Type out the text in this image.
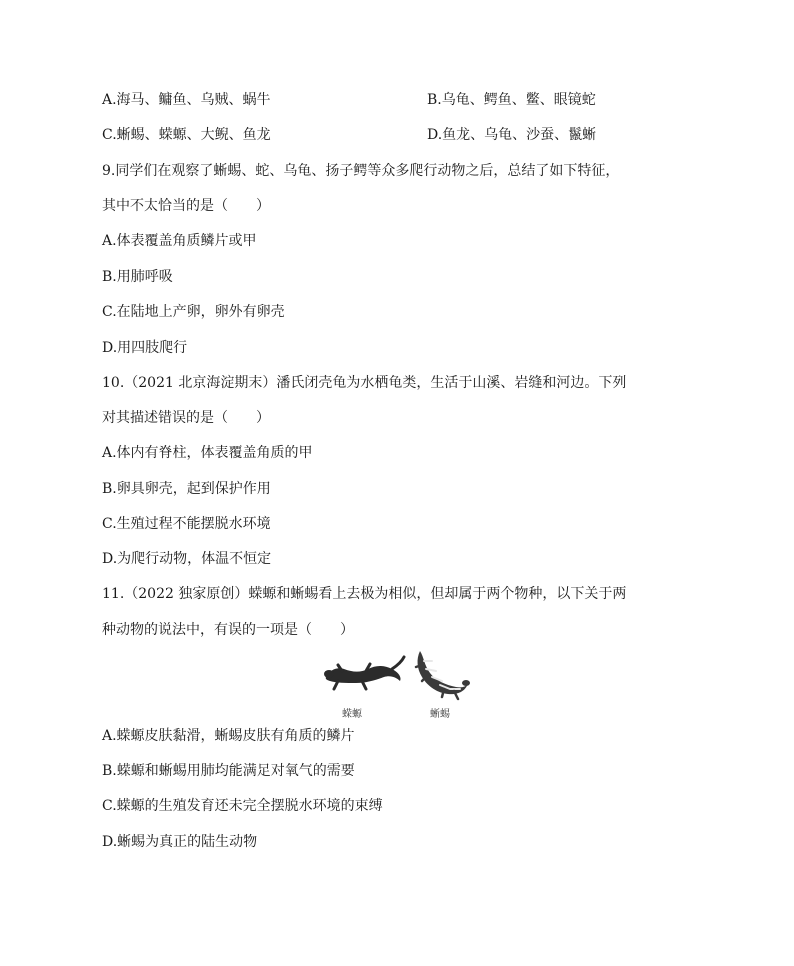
A.海马、鳙鱼、乌贼、蜗牛	B.乌龟、鳄鱼、鳖、眼镜蛇
C.蜥蜴、蝾螈、大鲵、鱼龙	D.鱼龙、乌龟、沙蚕、鬣蜥
9.同学们在观察了蜥蜴、蛇、乌龟、扬子鳄等众多爬行动物之后，总结了如下特征，
其中不太恰当的是（　　）
A.体表覆盖角质鳞片或甲
B.用肺呼吸
C.在陆地上产卵，卵外有卵壳
D.用四肢爬行
10.（2021 北京海淀期末）潘氏闭壳龟为水栖龟类，生活于山溪、岩缝和河边。下列
对其描述错误的是（　　）
A.体内有脊柱，体表覆盖角质的甲
B.卵具卵壳，起到保护作用
C.生殖过程不能摆脱水环境
D.为爬行动物，体温不恒定
11.（2022 独家原创）蝾螈和蜥蜴看上去极为相似，但却属于两个物种，以下关于两
种动物的说法中，有误的一项是（　　）
蝾螈	蜥蜴
A.蝾螈皮肤黏滑，蜥蜴皮肤有角质的鳞片
B.蝾螈和蜥蜴用肺均能满足对氧气的需要
C.蝾螈的生殖发育还未完全摆脱水环境的束缚
D.蜥蜴为真正的陆生动物
